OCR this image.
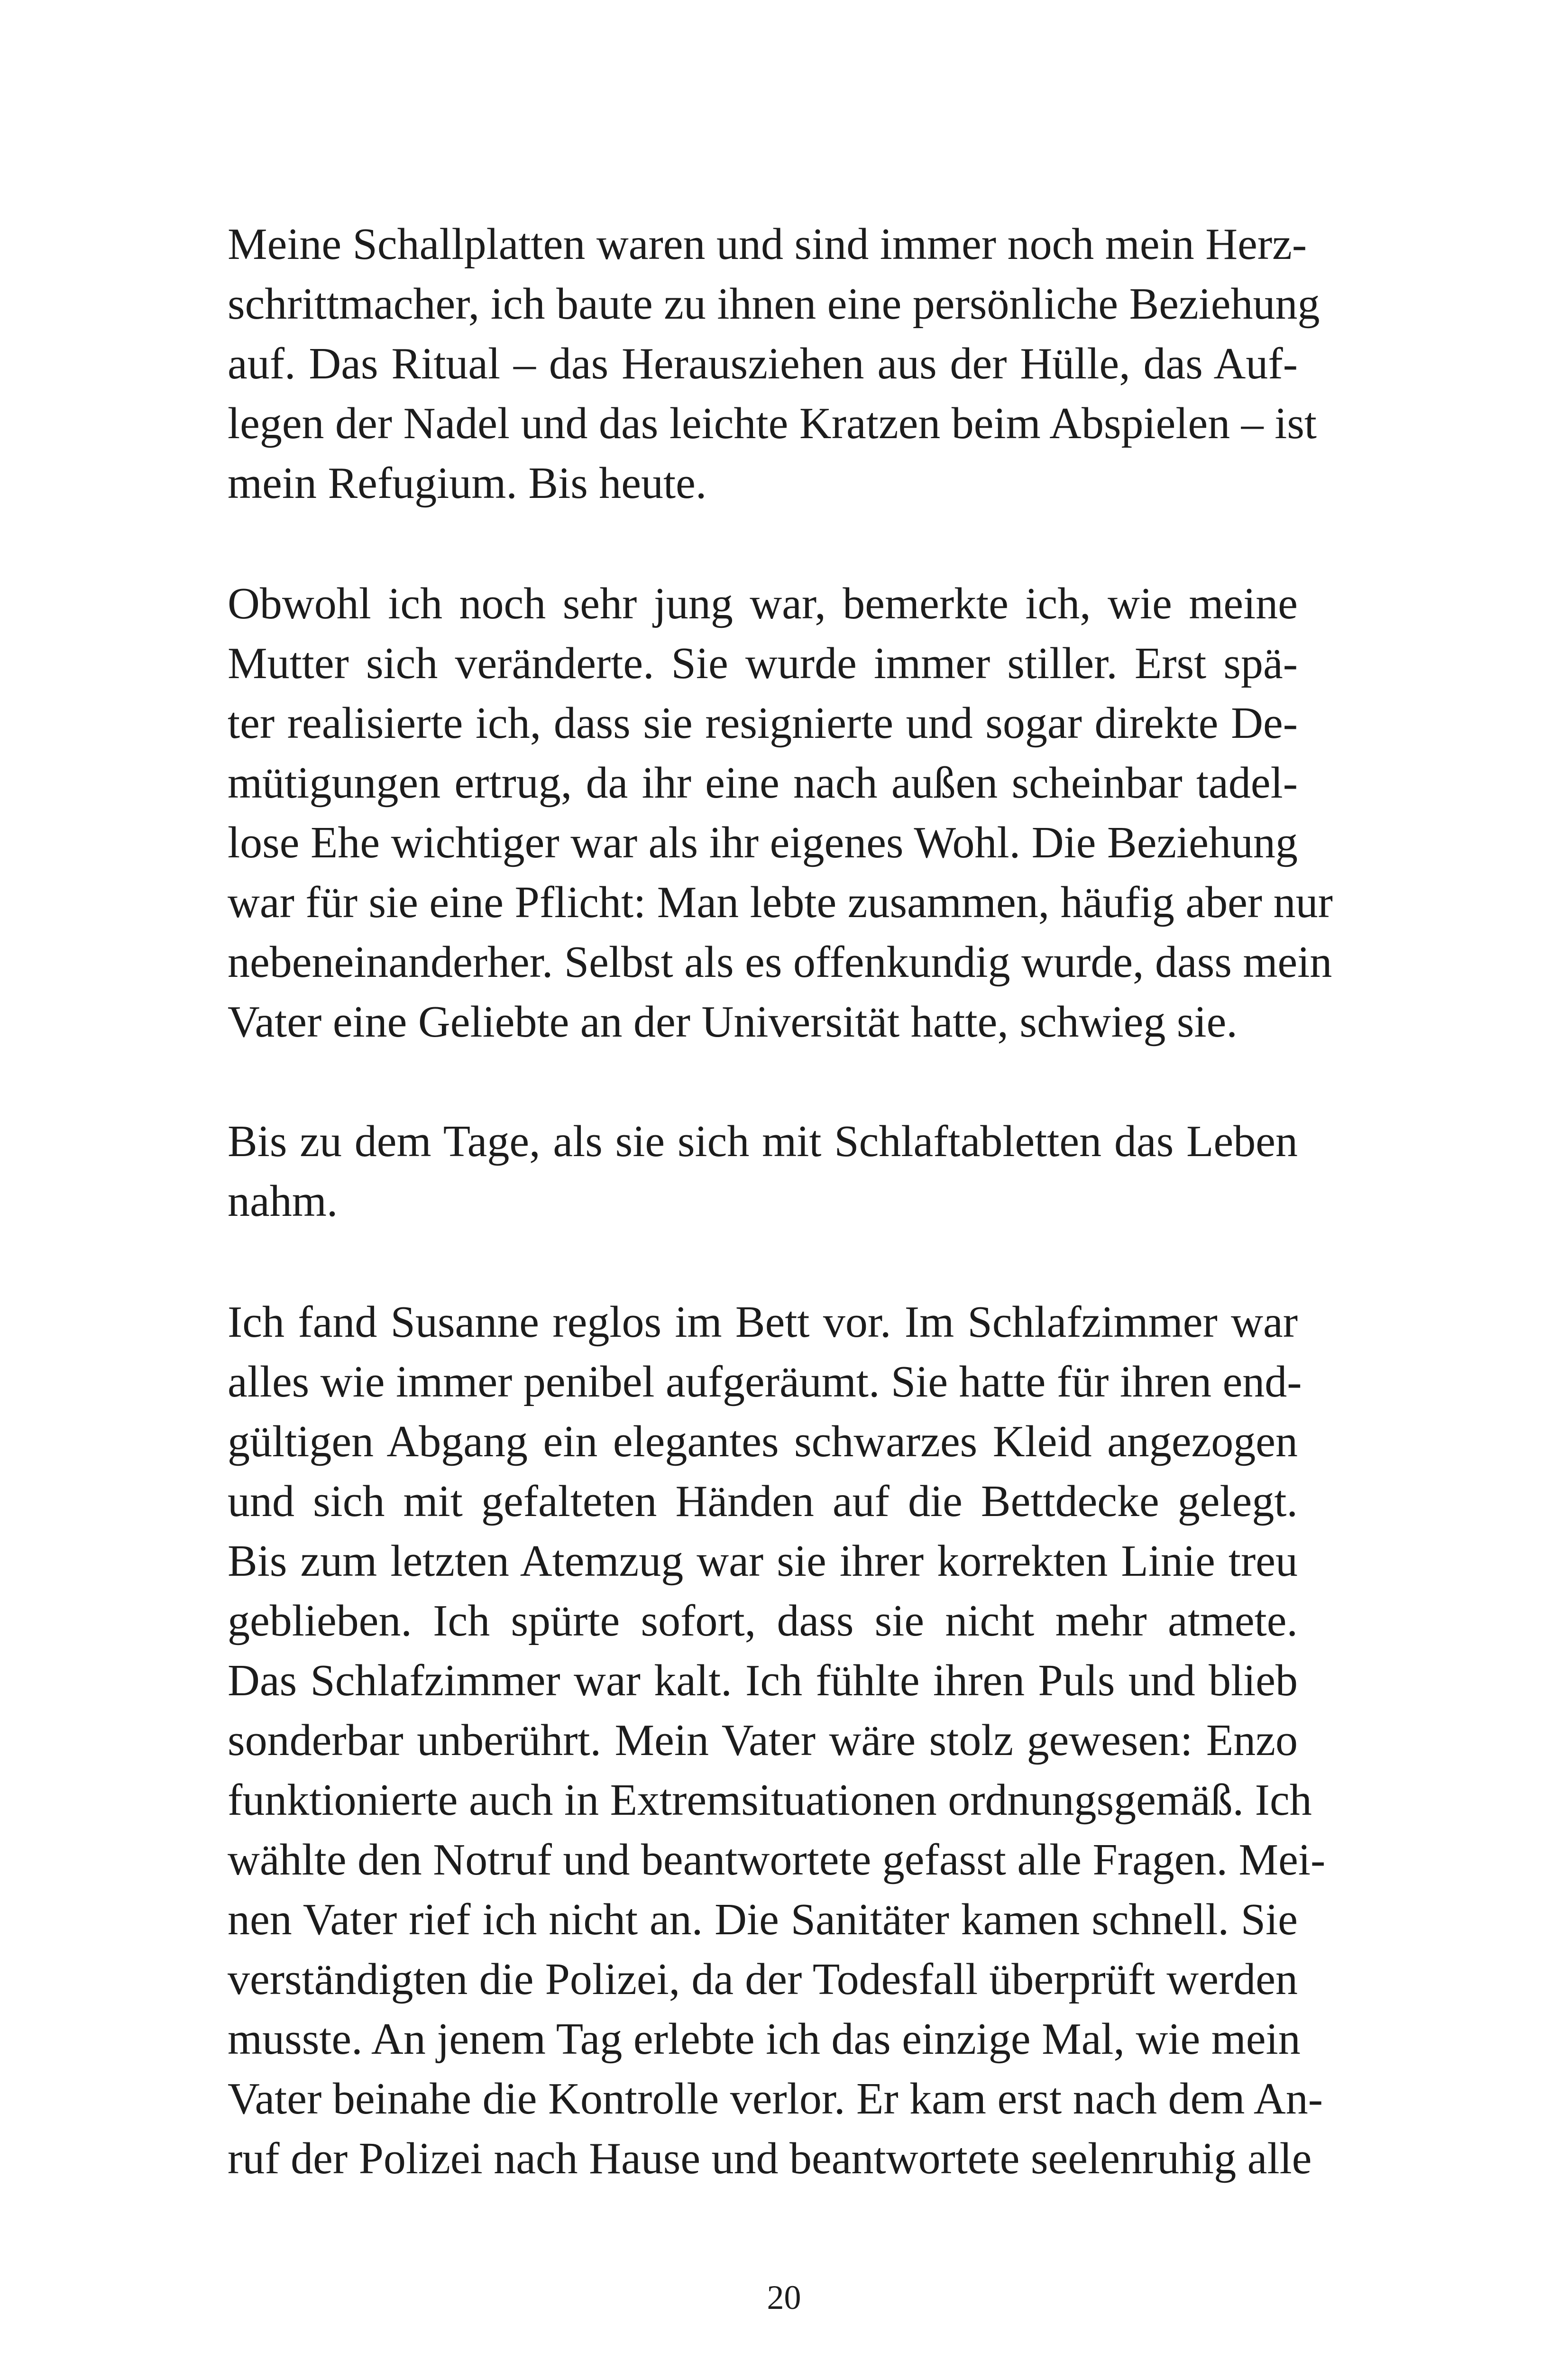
Meine Schallplatten waren und sind immer noch mein Herz-
schrittmacher, ich baute zu ihnen eine persönliche Beziehung
auf. Das Ritual – das Herausziehen aus der Hülle, das Auf-
legen der Nadel und das leichte Kratzen beim Abspielen – ist
mein Refugium. Bis heute.
Obwohl ich noch sehr jung war, bemerkte ich, wie meine
Mutter sich veränderte. Sie wurde immer stiller. Erst spä-
ter realisierte ich, dass sie resignierte und sogar direkte De-
mütigungen ertrug, da ihr eine nach außen scheinbar tadel-
lose Ehe wichtiger war als ihr eigenes Wohl. Die Beziehung
war für sie eine Pflicht: Man lebte zusammen, häufig aber nur
nebeneinanderher. Selbst als es offenkundig wurde, dass mein
Vater eine Geliebte an der Universität hatte, schwieg sie.
Bis zu dem Tage, als sie sich mit Schlaftabletten das Leben
nahm.
Ich fand Susanne reglos im Bett vor. Im Schlafzimmer war
alles wie immer penibel aufgeräumt. Sie hatte für ihren end-
gültigen Abgang ein elegantes schwarzes Kleid angezogen
und sich mit gefalteten Händen auf die Bettdecke gelegt.
Bis zum letzten Atemzug war sie ihrer korrekten Linie treu
geblieben. Ich spürte sofort, dass sie nicht mehr atmete.
Das Schlafzimmer war kalt. Ich fühlte ihren Puls und blieb
sonderbar unberührt. Mein Vater wäre stolz gewesen: Enzo
funktionierte auch in Extremsituationen ordnungsgemäß. Ich
wählte den Notruf und beantwortete gefasst alle Fragen. Mei-
nen Vater rief ich nicht an. Die Sanitäter kamen schnell. Sie
verständigten die Polizei, da der Todesfall überprüft werden
musste. An jenem Tag erlebte ich das einzige Mal, wie mein
Vater beinahe die Kontrolle verlor. Er kam erst nach dem An-
ruf der Polizei nach Hause und beantwortete seelenruhig alle
20
